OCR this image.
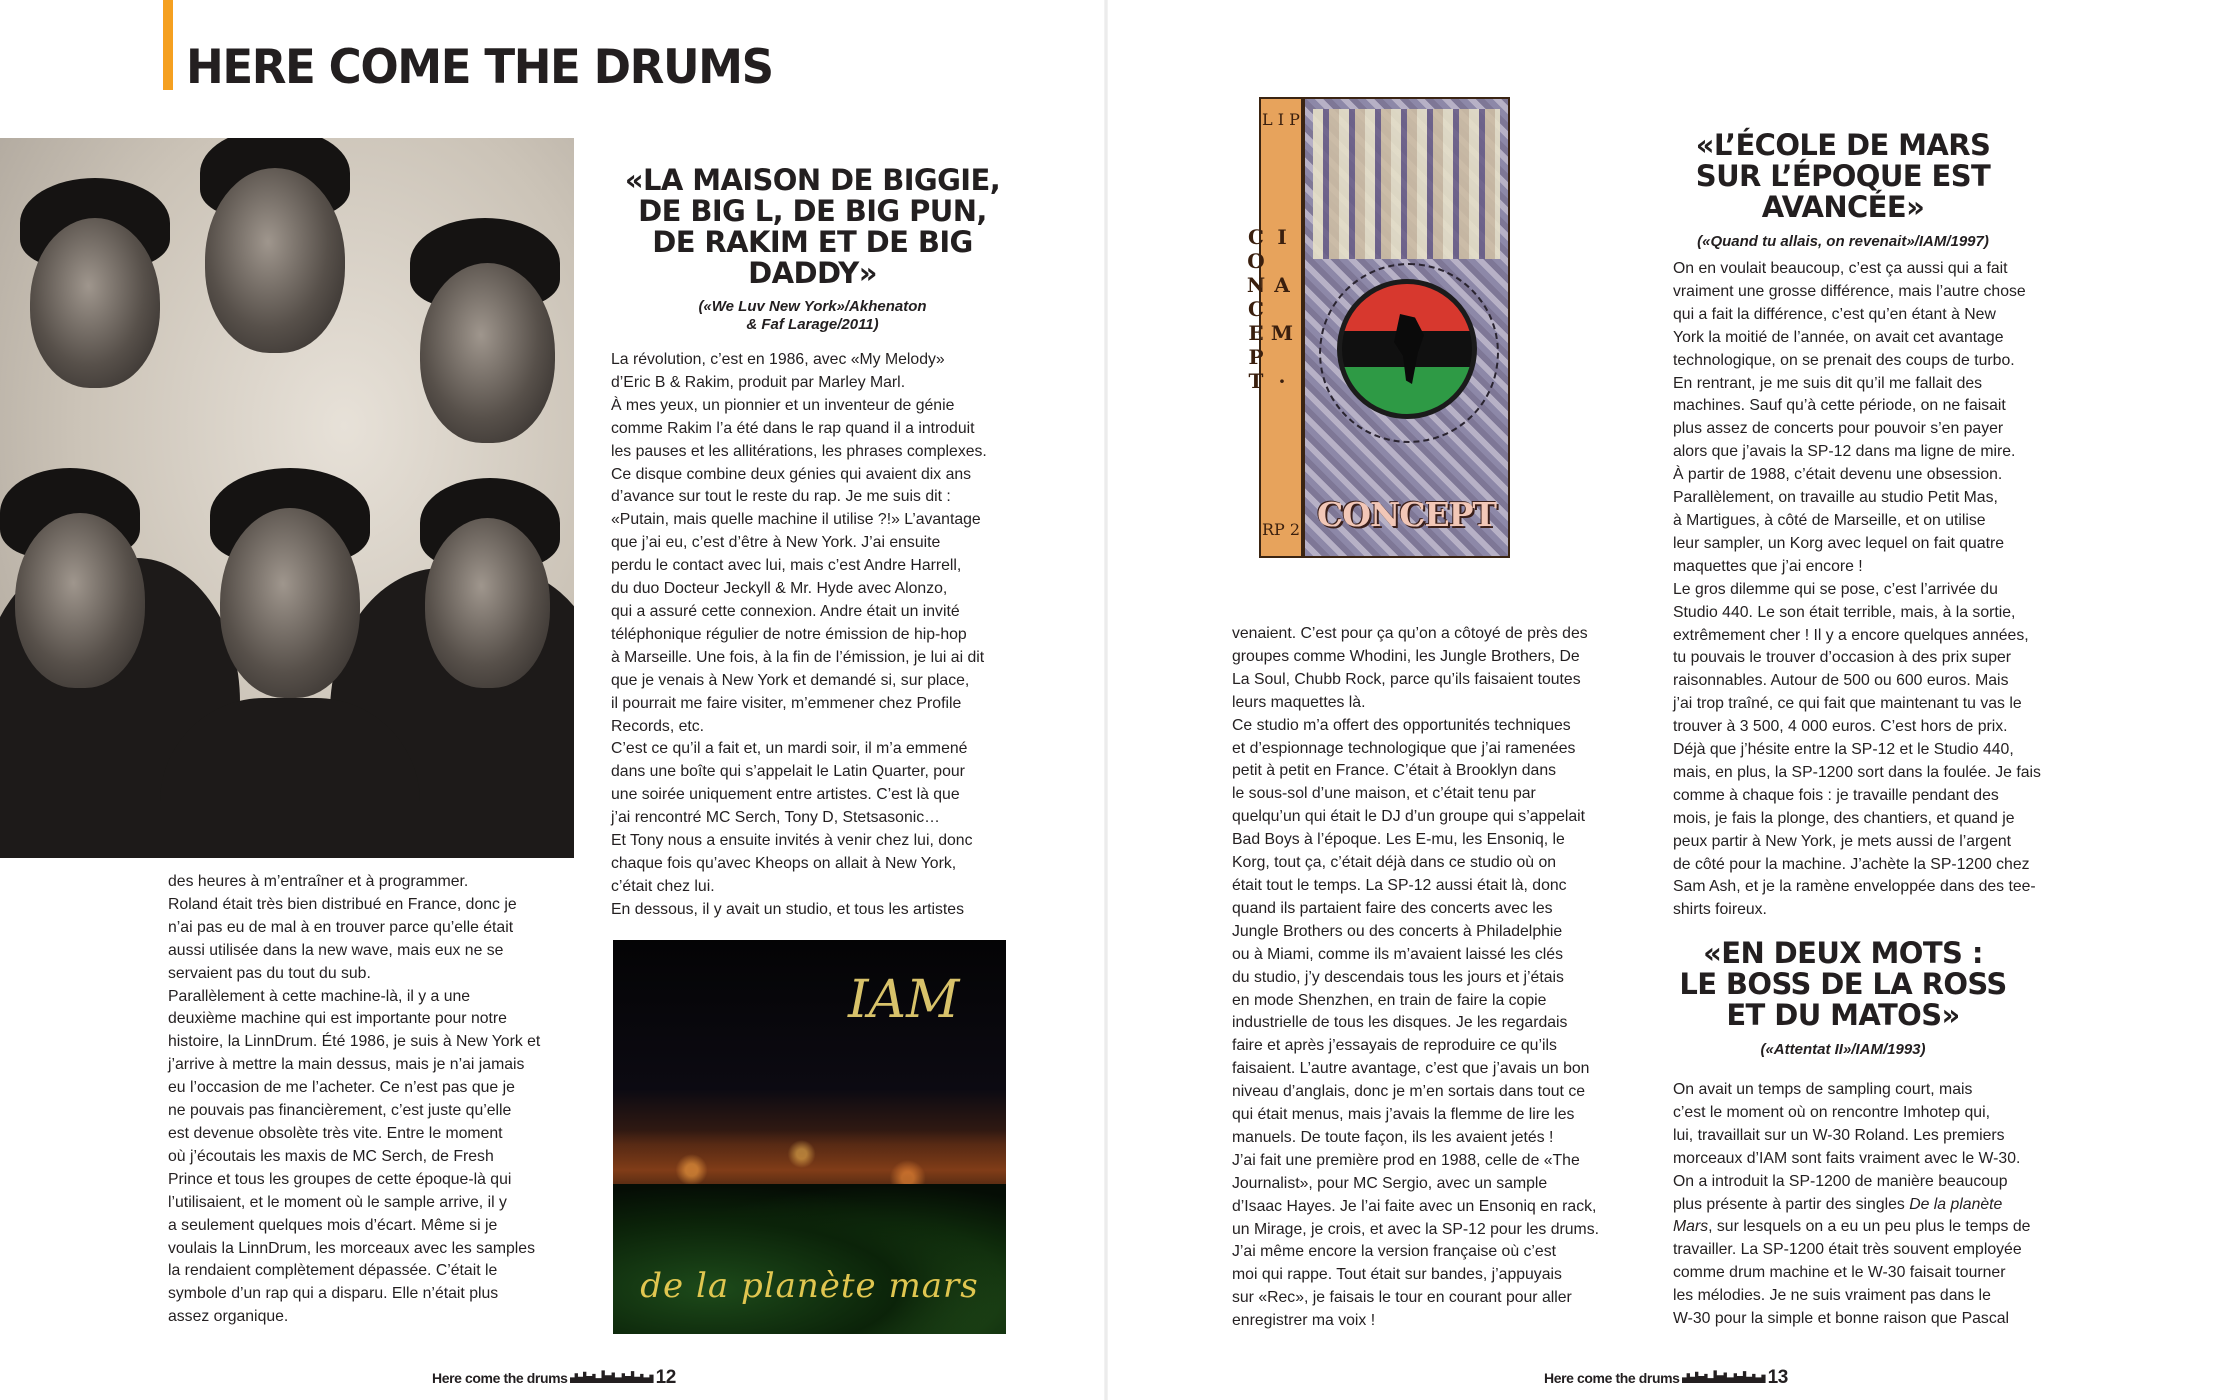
HERE COME THE DRUMS
«LA MAISON DE BIGGIE,
DE BIG L, DE BIG PUN,
DE RAKIM ET DE BIG
DADDY»
(«We Luv New York»/Akhenaton
& Faf Larage/2011)

La révolution, c’est en 1986, avec «My Melody»

d’Eric B & Rakim, produit par Marley Marl.

À mes yeux, un pionnier et un inventeur de génie

comme Rakim l’a été dans le rap quand il a introduit

les pauses et les allitérations, les phrases complexes.

Ce disque combine deux génies qui avaient dix ans

d’avance sur tout le reste du rap. Je me suis dit :

«Putain, mais quelle machine il utilise ?!» L’avantage

que j’ai eu, c’est d’être à New York. J’ai ensuite

perdu le contact avec lui, mais c’est Andre Harrell,

du duo Docteur Jeckyll & Mr. Hyde avec Alonzo,

qui a assuré cette connexion. Andre était un invité

téléphonique régulier de notre émission de hip-hop

à Marseille. Une fois, à la fin de l’émission, je lui ai dit

que je venais à New York et demandé si, sur place,

il pourrait me faire visiter, m’emmener chez Profile

Records, etc.

C’est ce qu’il a fait et, un mardi soir, il m’a emmené

dans une boîte qui s’appelait le Latin Quarter, pour

une soirée uniquement entre artistes. C’est là que

j’ai rencontré MC Serch, Tony D, Stetsasonic…

Et Tony nous a ensuite invités à venir chez lui, donc

chaque fois qu’avec Kheops on allait à New York,

c’était chez lui.

En dessous, il y avait un studio, et tous les artistes

des heures à m’entraîner et à programmer.

Roland était très bien distribué en France, donc je

n’ai pas eu de mal à en trouver parce qu’elle était

aussi utilisée dans la new wave, mais eux ne se

servaient pas du tout du sub.

Parallèlement à cette machine-là, il y a une

deuxième machine qui est importante pour notre

histoire, la LinnDrum. Été 1986, je suis à New York et

j’arrive à mettre la main dessus, mais je n’ai jamais

eu l’occasion de me l’acheter. Ce n’est pas que je

ne pouvais pas financièrement, c’est juste qu’elle

est devenue obsolète très vite. Entre le moment

où j’écoutais les maxis de MC Serch, de Fresh

Prince et tous les groupes de cette époque-là qui

l’utilisaient, et le moment où le sample arrive, il y

a seulement quelques mois d’écart. Même si je

voulais la LinnDrum, les morceaux avec les samples

la rendaient complètement dépassée. C’était le

symbole d’un rap qui a disparu. Elle n’était plus

assez organique.

IAM
de la planète mars
Here come the drums	12
L I P
I A M · CONCEPT
RP 2 CONCEPT
«L’ÉCOLE DE MARS
SUR L’ÉPOQUE EST
AVANCÉE»
(«Quand tu allais, on revenait»/IAM/1997)

venaient. C’est pour ça qu’on a côtoyé de près des

groupes comme Whodini, les Jungle Brothers, De

La Soul, Chubb Rock, parce qu’ils faisaient toutes

leurs maquettes là.

Ce studio m’a offert des opportunités techniques

et d’espionnage technologique que j’ai ramenées

petit à petit en France. C’était à Brooklyn dans

le sous-sol d’une maison, et c’était tenu par

quelqu’un qui était le DJ d’un groupe qui s’appelait

Bad Boys à l’époque. Les E-mu, les Ensoniq, le

Korg, tout ça, c’était déjà dans ce studio où on

était tout le temps. La SP-12 aussi était là, donc

quand ils partaient faire des concerts avec les

Jungle Brothers ou des concerts à Philadelphie

ou à Miami, comme ils m’avaient laissé les clés

du studio, j’y descendais tous les jours et j’étais

en mode Shenzhen, en train de faire la copie

industrielle de tous les disques. Je les regardais

faire et après j’essayais de reproduire ce qu’ils

faisaient. L’autre avantage, c’est que j’avais un bon

niveau d’anglais, donc je m’en sortais dans tout ce

qui était menus, mais j’avais la flemme de lire les

manuels. De toute façon, ils les avaient jetés !

J’ai fait une première prod en 1988, celle de «The

Journalist», pour MC Sergio, avec un sample

d’Isaac Hayes. Je l’ai faite avec un Ensoniq en rack,

un Mirage, je crois, et avec la SP-12 pour les drums.

J’ai même encore la version française où c’est

moi qui rappe. Tout était sur bandes, j’appuyais

sur «Rec», je faisais le tour en courant pour aller

enregistrer ma voix !

On en voulait beaucoup, c’est ça aussi qui a fait

vraiment une grosse différence, mais l’autre chose

qui a fait la différence, c’est qu’en étant à New

York la moitié de l’année, on avait cet avantage

technologique, on se prenait des coups de turbo.

En rentrant, je me suis dit qu’il me fallait des

machines. Sauf qu’à cette période, on ne faisait

plus assez de concerts pour pouvoir s’en payer

alors que j’avais la SP-12 dans ma ligne de mire.

À partir de 1988, c’était devenu une obsession.

Parallèlement, on travaille au studio Petit Mas,

à Martigues, à côté de Marseille, et on utilise

leur sampler, un Korg avec lequel on fait quatre

maquettes que j’ai encore !

Le gros dilemme qui se pose, c’est l’arrivée du

Studio 440. Le son était terrible, mais, à la sortie,

extrêmement cher ! Il y a encore quelques années,

tu pouvais le trouver d’occasion à des prix super

raisonnables. Autour de 500 ou 600 euros. Mais

j’ai trop traîné, ce qui fait que maintenant tu vas le

trouver à 3 500, 4 000 euros. C’est hors de prix.

Déjà que j’hésite entre la SP-12 et le Studio 440,

mais, en plus, la SP-1200 sort dans la foulée. Je fais

comme à chaque fois : je travaille pendant des

mois, je fais la plonge, des chantiers, et quand je

peux partir à New York, je mets aussi de l’argent

de côté pour la machine. J’achète la SP-1200 chez

Sam Ash, et je la ramène enveloppée dans des tee-

shirts foireux.

«EN DEUX MOTS :
LE BOSS DE LA ROSS
ET DU MATOS»
(«Attentat II»/IAM/1993)

On avait un temps de sampling court, mais

c’est le moment où on rencontre Imhotep qui,

lui, travaillait sur un W-30 Roland. Les premiers

morceaux d’IAM sont faits vraiment avec le W-30.

On a introduit la SP-1200 de manière beaucoup

plus présente à partir des singles De la planète

Mars, sur lesquels on a eu un peu plus le temps de

travailler. La SP-1200 était très souvent employée

comme drum machine et le W-30 faisait tourner

les mélodies. Je ne suis vraiment pas dans le

W-30 pour la simple et bonne raison que Pascal

Here come the drums	13
